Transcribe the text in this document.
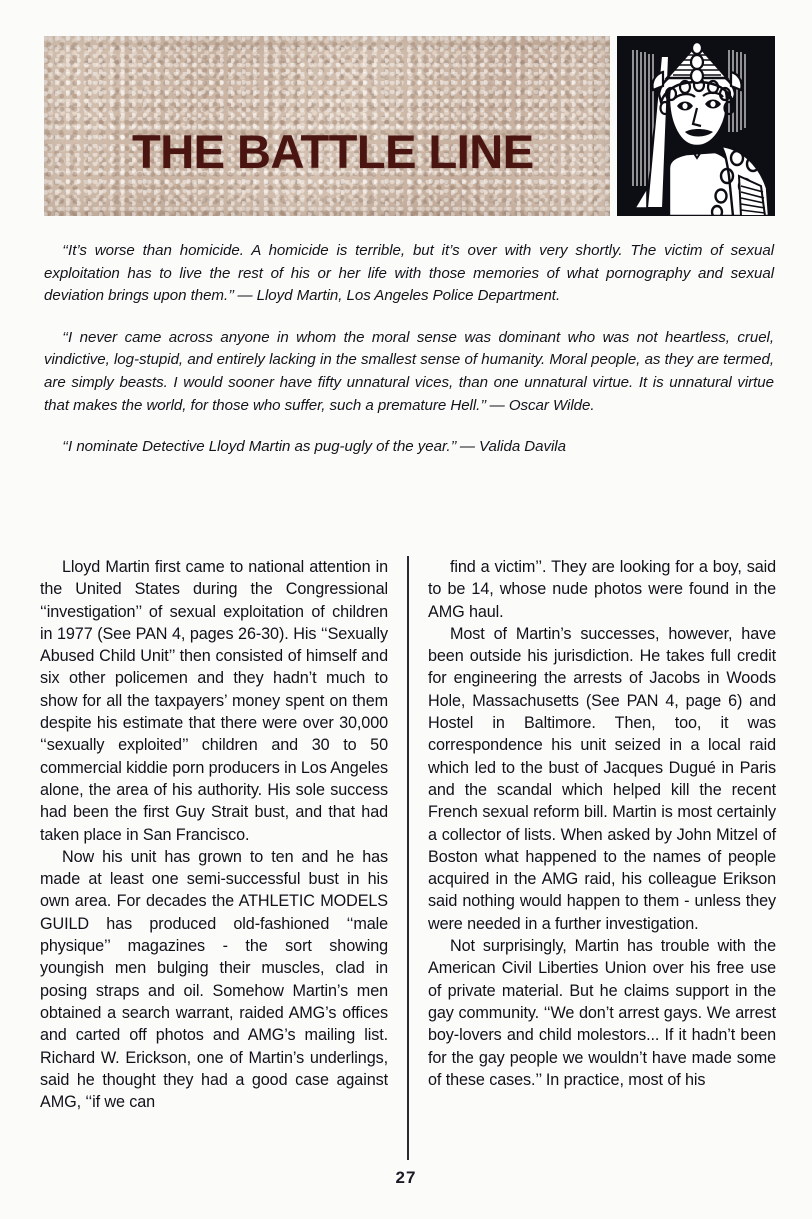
THE BATTLE LINE

‘‘It’s worse than homicide. A homicide is terrible, but it’s over with very shortly. The victim of sexual exploitation has to live the rest of his or her life with those memories of what pornography and sexual deviation brings upon them.’’ — Lloyd Martin, Los Angeles Police Department.

‘‘I never came across anyone in whom the moral sense was dominant who was not heartless, cruel, vindictive, log-stupid, and entirely lacking in the smallest sense of humanity. Moral people, as they are termed, are simply beasts. I would sooner have fifty unnatural vices, than one unnatural virtue. It is unnatural virtue that makes the world, for those who suffer, such a premature Hell.’’ — Oscar Wilde.

‘‘I nominate Detective Lloyd Martin as pug-ugly of the year.’’ — Valida Davila

Lloyd Martin first came to national attention in the United States during the Congressional ‘‘investigation’’ of sexual exploitation of children in 1977 (See PAN 4, pages 26-30). His ‘‘Sexually Abused Child Unit’’ then consisted of himself and six other policemen and they hadn’t much to show for all the taxpayers’ money spent on them despite his estimate that there were over 30,000 ‘‘sexually exploited’’ children and 30 to 50 commercial kiddie porn producers in Los Angeles alone, the area of his authority. His sole success had been the first Guy Strait bust, and that had taken place in San Francisco.

Now his unit has grown to ten and he has made at least one semi-successful bust in his own area. For decades the ATHLETIC MODELS GUILD has produced old-fashioned ‘‘male physique’’ magazines - the sort showing youngish men bulging their muscles, clad in posing straps and oil. Somehow Martin’s men obtained a search warrant, raided AMG’s offices and carted off photos and AMG’s mailing list. Richard W. Erickson, one of Martin’s underlings, said he thought they had a good case against AMG, ‘‘if we can

find a victim’’. They are looking for a boy, said to be 14, whose nude photos were found in the AMG haul.

Most of Martin’s successes, however, have been outside his jurisdiction. He takes full credit for engineering the arrests of Jacobs in Woods Hole, Massachusetts (See PAN 4, page 6) and Hostel in Baltimore. Then, too, it was correspondence his unit seized in a local raid which led to the bust of Jacques Dugué in Paris and the scandal which helped kill the recent French sexual reform bill. Martin is most certainly a collector of lists. When asked by John Mitzel of Boston what happened to the names of people acquired in the AMG raid, his colleague Erikson said nothing would happen to them - unless they were needed in a further investigation.

Not surprisingly, Martin has trouble with the American Civil Liberties Union over his free use of private material. But he claims support in the gay community. ‘‘We don’t arrest gays. We arrest boy-lovers and child molestors... If it hadn’t been for the gay people we wouldn’t have made some of these cases.’’ In practice, most of his

27
